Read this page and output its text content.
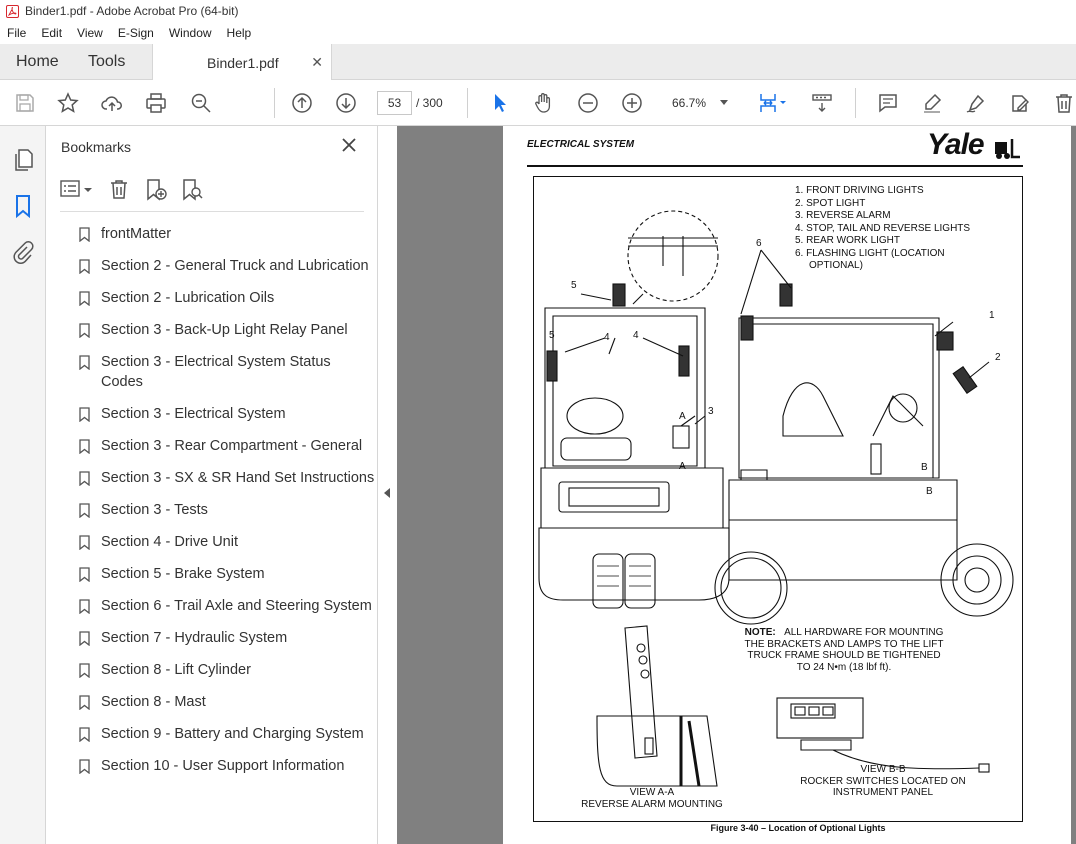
Binder1.pdf - Adobe Acrobat Pro (64-bit)
File	Edit	View	E-Sign	Window	Help
Home Tools	Binder1.pdf ✕
53	/ 300	66.7%
Bookmarks
frontMatter
Section 2 - General Truck and Lubrication
Section 2 - Lubrication Oils
Section 3 - Back-Up Light Relay Panel
Section 3 - Electrical System Status Codes
Section 3 - Electrical System
Section 3 - Rear Compartment - General
Section 3 - SX & SR Hand Set Instructions
Section 3 - Tests
Section 4 - Drive Unit
Section 5 - Brake System
Section 6 - Trail Axle and Steering System
Section 7 - Hydraulic System
Section 8 - Lift Cylinder
Section 8 - Mast
Section 9 - Battery and Charging System
Section 10 - User Support Information
ELECTRICAL SYSTEM	Yale
1. FRONT DRIVING LIGHTS
2. SPOT LIGHT
3. REVERSE ALARM
4. STOP, TAIL AND REVERSE LIGHTS
5. REAR WORK LIGHT
6. FLASHING LIGHT (LOCATION
OPTIONAL)
1
2
3
4 4
5
5
6
A
A	B
B
NOTE: ALL HARDWARE FOR MOUNTING
THE BRACKETS AND LAMPS TO THE LIFT
TRUCK FRAME SHOULD BE TIGHTENED
TO 24 N•m (18 lbf ft).
VIEW A-A
REVERSE ALARM MOUNTING
VIEW B-B
ROCKER SWITCHES LOCATED ON
INSTRUMENT PANEL
Figure 3-40 – Location of Optional Lights
